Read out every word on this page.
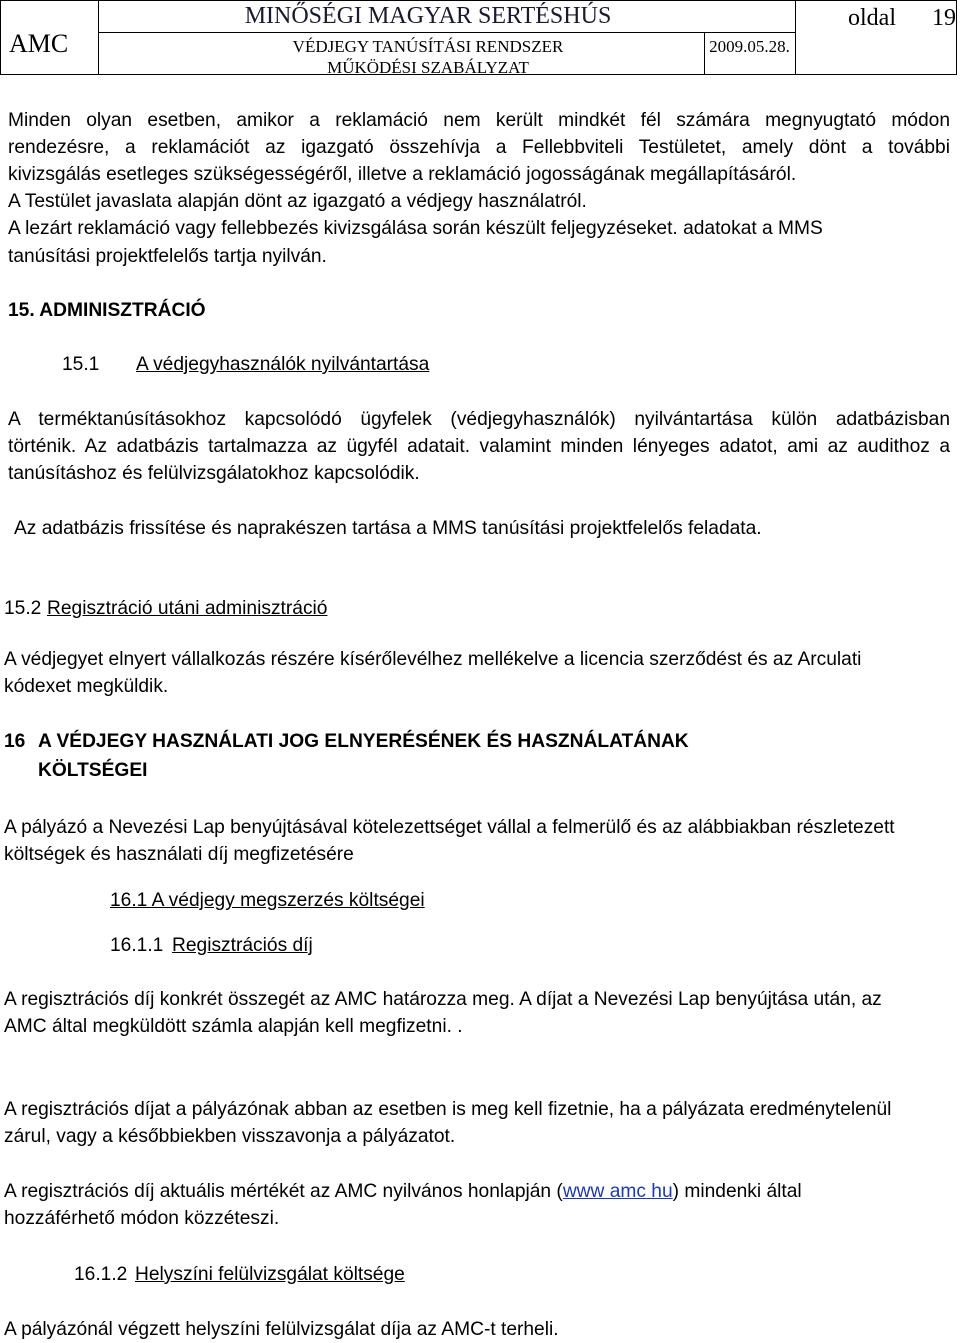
AMC
MINŐSÉGI MAGYAR SERTÉSHÚS
VÉDJEGY TANÚSÍTÁSI RENDSZER
MŰKÖDÉSI SZABÁLYZAT
2009.05.28.
oldal 19
Minden olyan esetben, amikor a reklamáció nem került mindkét fél számára megnyugtató módon
rendezésre, a reklamációt az igazgató összehívja a Fellebbviteli Testületet, amely dönt a további
kivizsgálás esetleges szükségességéről, illetve a reklamáció jogosságának megállapításáról.
A Testület javaslata alapján dönt az igazgató a védjegy használatról.
A lezárt reklamáció vagy fellebbezés kivizsgálása során készült feljegyzéseket. adatokat a MMS
tanúsítási projektfelelős tartja nyilván.
15. ADMINISZTRÁCIÓ
15.1	A védjegyhasználók nyilvántartása
A terméktanúsításokhoz kapcsolódó ügyfelek (védjegyhasználók) nyilvántartása külön adatbázisban
történik. Az adatbázis tartalmazza az ügyfél adatait. valamint minden lényeges adatot, ami az audithoz a
tanúsításhoz és felülvizsgálatokhoz kapcsolódik.
Az adatbázis frissítése és naprakészen tartása a MMS tanúsítási projektfelelős feladata.
15.2 Regisztráció utáni adminisztráció
A védjegyet elnyert vállalkozás részére kísérőlevélhez mellékelve a licencia szerződést és az Arculati
kódexet megküldik.
16 A VÉDJEGY HASZNÁLATI JOG ELNYERÉSÉNEK ÉS HASZNÁLATÁNAK
KÖLTSÉGEI
A pályázó a Nevezési Lap benyújtásával kötelezettséget vállal a felmerülő és az alábbiakban részletezett
költségek és használati díj megfizetésére
16.1 A védjegy megszerzés költségei
16.1.1 Regisztrációs díj
A regisztrációs díj konkrét összegét az AMC határozza meg. A díjat a Nevezési Lap benyújtása után, az
AMC által megküldött számla alapján kell megfizetni. .
A regisztrációs díjat a pályázónak abban az esetben is meg kell fizetnie, ha a pályázata eredménytelenül
zárul, vagy a későbbiekben visszavonja a pályázatot.
A regisztrációs díj aktuális mértékét az AMC nyilvános honlapján (www amc hu) mindenki által
hozzáférhető módon közzéteszi.
16.1.2 Helyszíni felülvizsgálat költsége
A pályázónál végzett helyszíni felülvizsgálat díja az AMC-t terheli.
